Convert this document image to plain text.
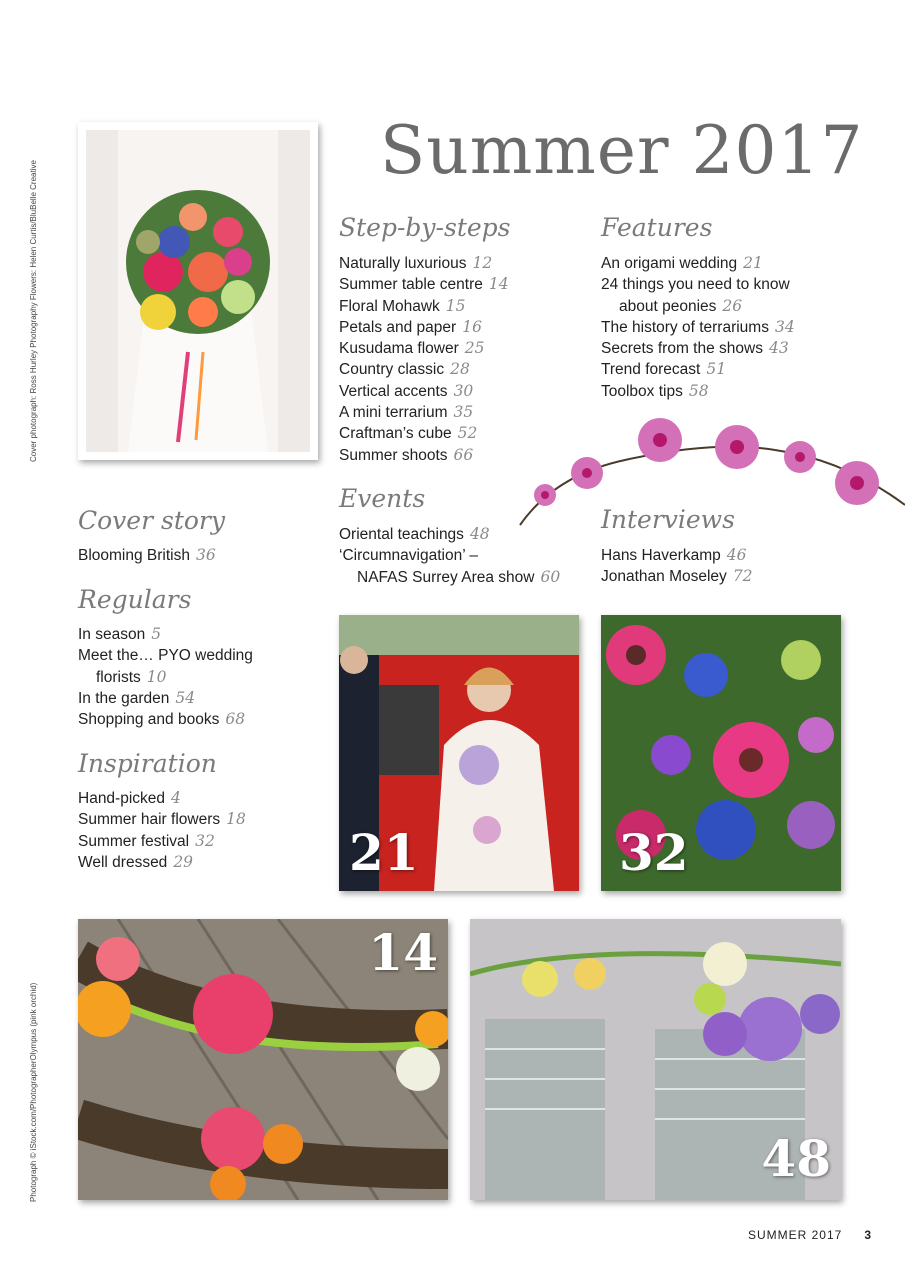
Cover photograph: Ross Hurley Photography Flowers: Helen Curtis/BluBelle Creative
Photograph © iStock.com/PhotographerOlympus (pink orchid)
Summer 2017
Step-by-steps
Naturally luxurious 12
Summer table centre 14
Floral Mohawk 15
Petals and paper 16
Kusudama flower 25
Country classic 28
Vertical accents 30
A mini terrarium 35
Craftman’s cube 52
Summer shoots 66
Features
An origami wedding 21
24 things you need to know
about peonies 26
The history of terrariums 34
Secrets from the shows 43
Trend forecast 51
Toolbox tips 58
Events
Oriental teachings 48
‘Circumnavigation’ –
NAFAS Surrey Area show 60
Interviews
Hans Haverkamp 46
Jonathan Moseley 72
Cover story
Blooming British 36
Regulars
In season 5
Meet the… PYO wedding
florists 10
In the garden 54
Shopping and books 68
Inspiration
Hand-picked 4
Summer hair flowers 18
Summer festival 32
Well dressed 29	21	32
14
48
SUMMER 2017 3
